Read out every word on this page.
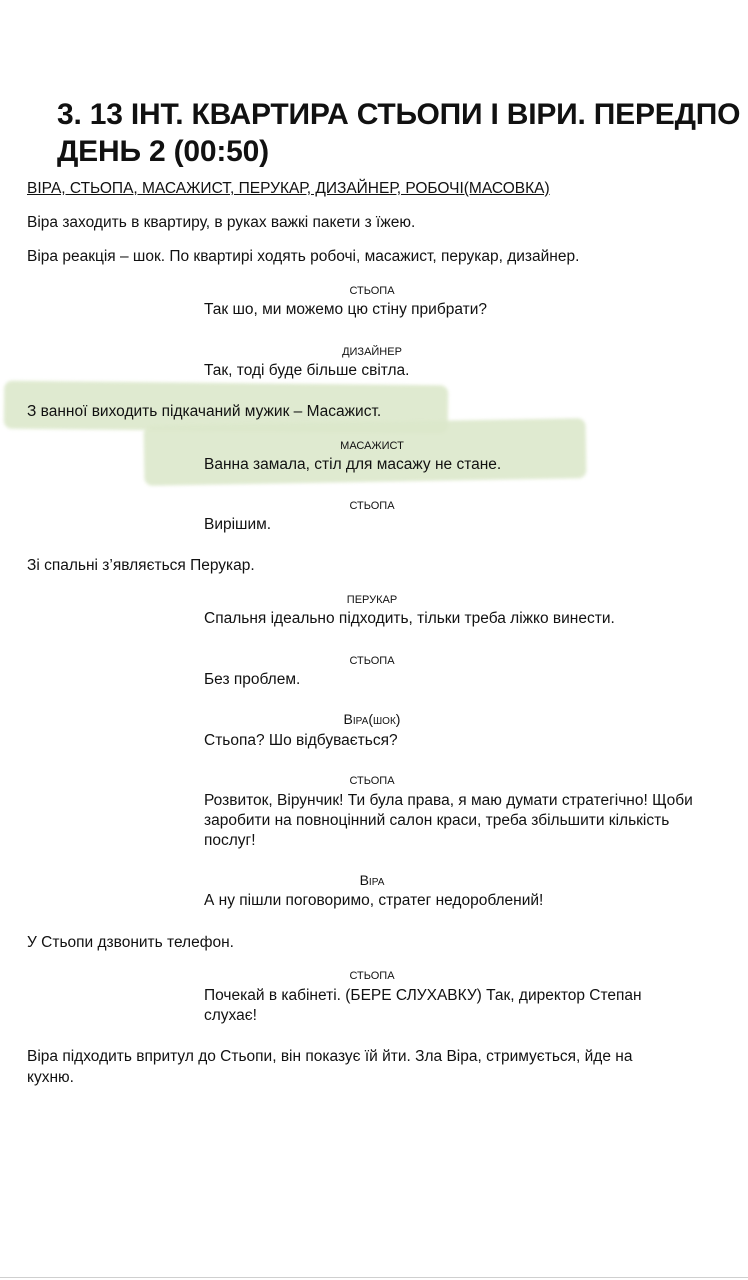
3. 13 ІНТ. КВАРТИРА СТЬОПИ І ВІРИ. ПЕРЕДПО
ДЕНЬ 2 (00:50)
ВІРА, СТЬОПА, МАСАЖИСТ, ПЕРУКАР, ДИЗАЙНЕР, РОБОЧІ(МАСОВКА)
Віра заходить в квартиру, в руках важкі пакети з їжею.
Віра реакція – шок. По квартирі ходять робочі, масажист, перукар, дизайнер.
СТЬОПА
Так шо, ми можемо цю стіну прибрати?
ДИЗАЙНЕР
Так, тоді буде більше світла.
З ванної виходить підкачаний мужик – Масажист.
МАСАЖИСТ
Ванна замала, стіл для масажу не стане.
СТЬОПА
Вирішим.
Зі спальні з’являється Перукар.
ПЕРУКАР
Спальня ідеально підходить, тільки треба ліжко винести.
СТЬОПА
Без проблем.
Віра(шок)
Стьопа? Шо відбувається?
СТЬОПА
Розвиток, Вірунчик! Ти була права, я маю думати стратегічно! Щоби
заробити на повноцінний салон краси, треба збільшити кількість
послуг!
Віра
А ну пішли поговоримо, стратег недороблений!
У Стьопи дзвонить телефон.
СТЬОПА
Почекай в кабінеті. (БЕРЕ СЛУХАВКУ) Так, директор Степан
слухає!
Віра підходить впритул до Стьопи, він показує їй йти. Зла Віра, стримується, йде на
кухню.
